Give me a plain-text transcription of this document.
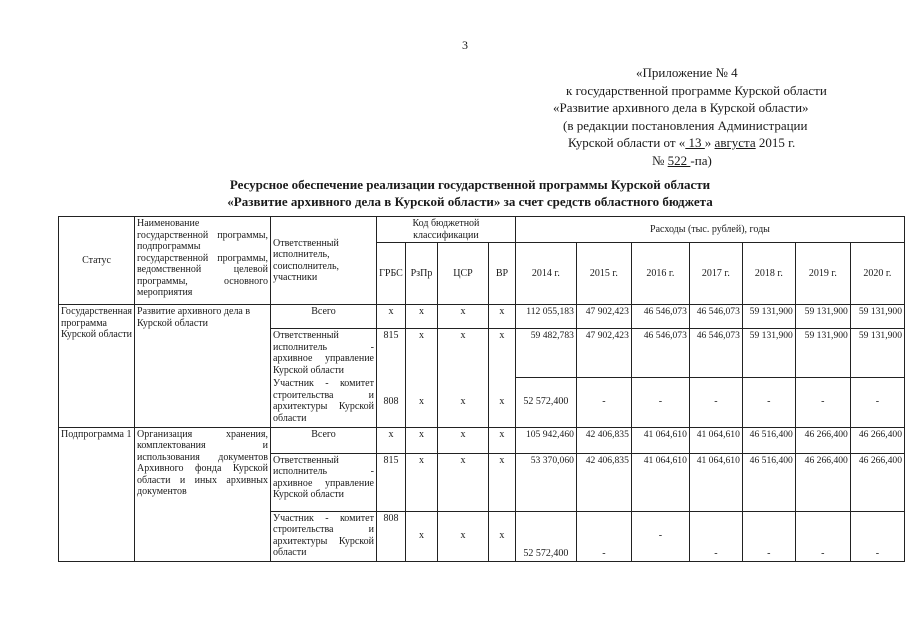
3
«Приложение № 4
к государственной программе Курской области
«Развитие архивного дела в Курской области»
(в редакции постановления Администрации
Курской области от « 13 » августа 2015 г.
№ 522 -па)
Ресурсное обеспечение реализации государственной программы Курской области
«Развитие архивного дела в Курской области» за счет средств областного бюджета
Статус	Наименование государственной программы, подпрограммы государственной программы, ведомственной целевой программы, основного мероприятия	Ответственный исполнитель, соисполнитель, участники	Код бюджетной классификации				Расходы (тыс. рублей), годы						
			ГРБС	РзПр	ЦСР	ВР	2014 г.	2015 г.	2016 г.	2017 г.	2018 г.	2019 г.	2020 г.
Государственная программа Курской области	Развитие архивного дела в Курской области	Всего	x	x	x	x	112 055,183	47 902,423	46 546,073	46 546,073	59 131,900	59 131,900	59 131,900
		Ответственный исполнитель - архивное управление Курской области	815	x	x	x	59 482,783	47 902,423	46 546,073	46 546,073	59 131,900	59 131,900	59 131,900
		Участник - комитет строительства и архитектуры Курской области	808	x	x	x	52 572,400	-	-	-	-	-	-
Подпрограмма 1	Организация хранения, комплектования и использования документов Архивного фонда Курской области и иных архивных документов	Всего	x	x	x	x	105 942,460	42 406,835	41 064,610	41 064,610	46 516,400	46 266,400	46 266,400
		Ответственный исполнитель - архивное управление Курской области	815	x	x	x	53 370,060	42 406,835	41 064,610	41 064,610	46 516,400	46 266,400	46 266,400
		Участник - комитет строительства и архитектуры Курской области	808	x	x	x	52 572,400	-	-	-	-	-	-
